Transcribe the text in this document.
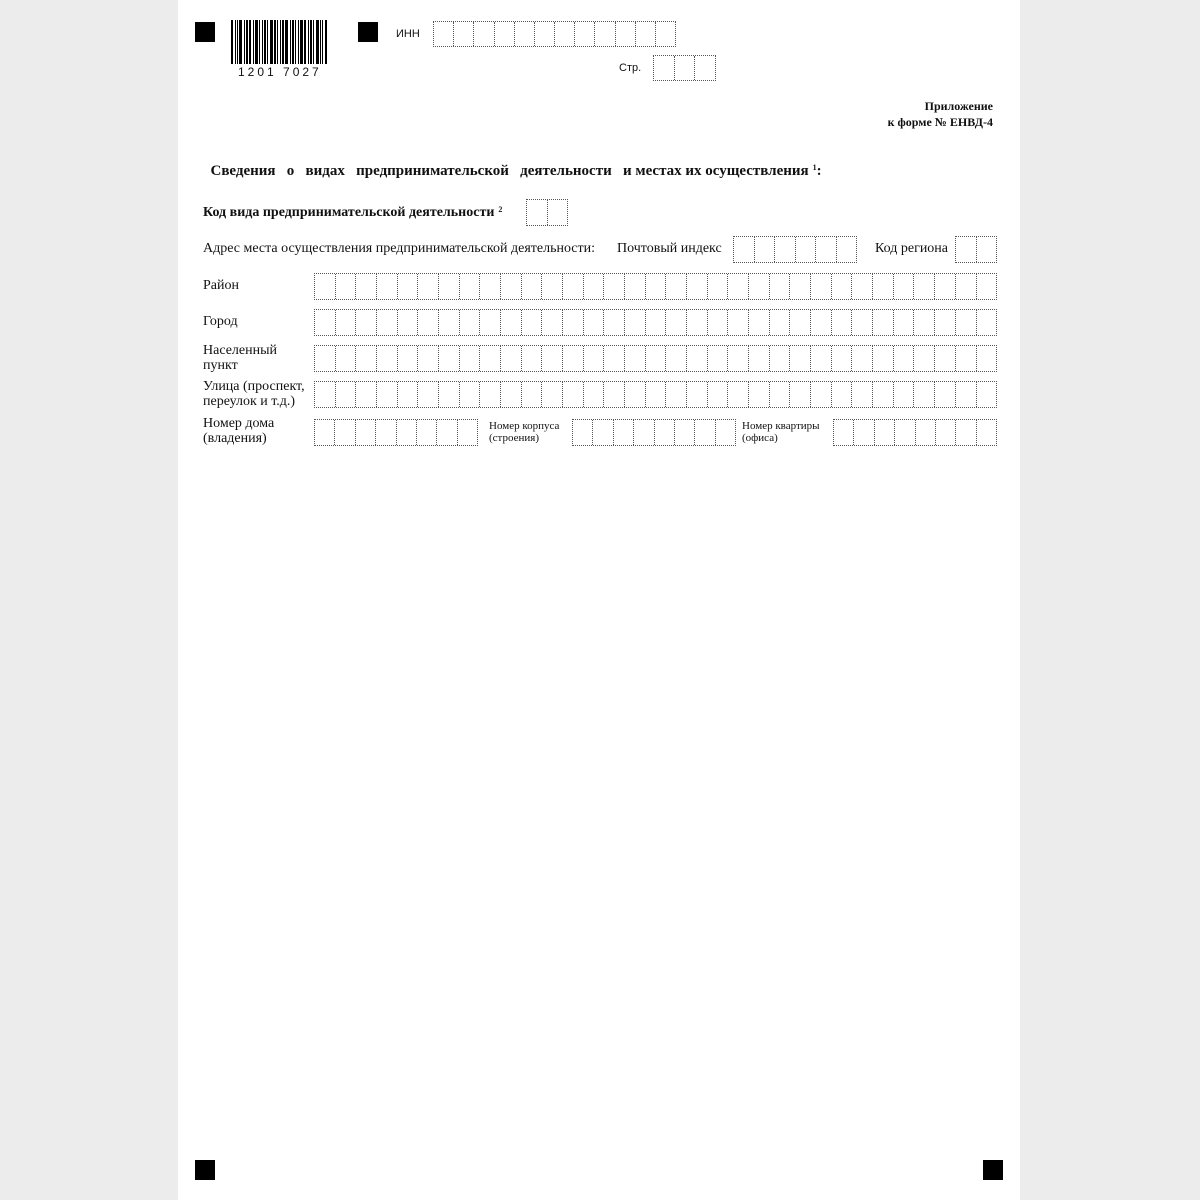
1201 7027
ИНН
Стр.
Приложение
к форме № ЕНВД-4

Сведения   о   видах   предпринимательской   деятельности   и местах их осуществления $^1$:

Код вида предпринимательской деятельности $^2$
Адрес места осуществления предпринимательской деятельности: Почтовый индекс	Код региона
Район
Город
Населенный пункт
Улица (проспект, переулок и т.д.)
Номер дома (владения)
Номер корпуса (строения)
Номер квартиры (офиса)
